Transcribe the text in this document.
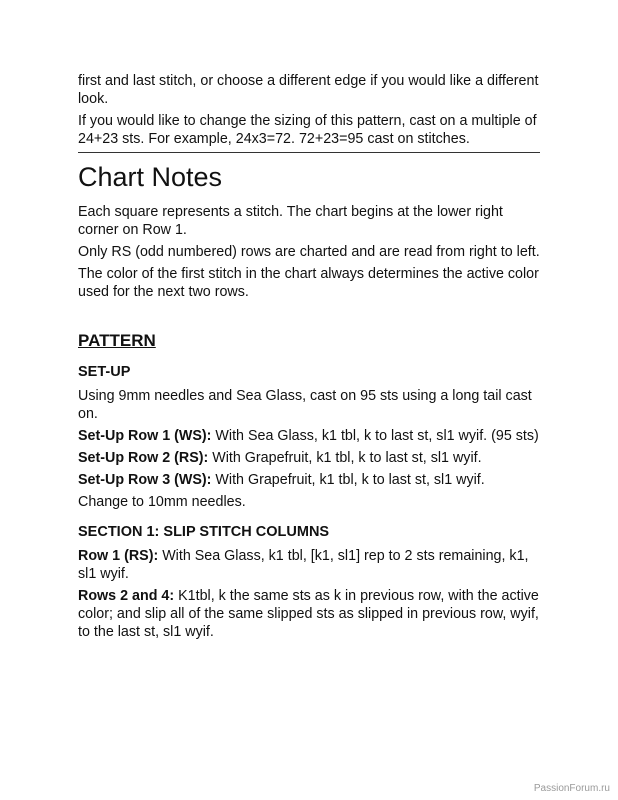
first and last stitch, or choose a different edge if you would like a different look.

If you would like to change the sizing of this pattern, cast on a multiple of 24+23 sts. For example, 24x3=72. 72+23=95 cast on stitches.

Chart Notes

Each square represents a stitch. The chart begins at the lower right corner on Row 1.

Only RS (odd numbered) rows are charted and are read from right to left.

The color of the first stitch in the chart always determines the active color used for the next two rows.

PATTERN
SET-UP

Using 9mm needles and Sea Glass, cast on 95 sts using a long tail cast on.

Set-Up Row 1 (WS): With Sea Glass, k1 tbl, k to last st, sl1 wyif. (95 sts)

Set-Up Row 2 (RS): With Grapefruit, k1 tbl, k to last st, sl1 wyif.

Set-Up Row 3 (WS): With Grapefruit, k1 tbl, k to last st, sl1 wyif.

Change to 10mm needles.

SECTION 1: SLIP STITCH COLUMNS

Row 1 (RS): With Sea Glass, k1 tbl, [k1, sl1] rep to 2 sts remaining, k1, sl1 wyif.

Rows 2 and 4: K1tbl, k the same sts as k in previous row, with the active color; and slip all of the same slipped sts as slipped in previous row, wyif, to the last st, sl1 wyif.

PassionForum.ru
